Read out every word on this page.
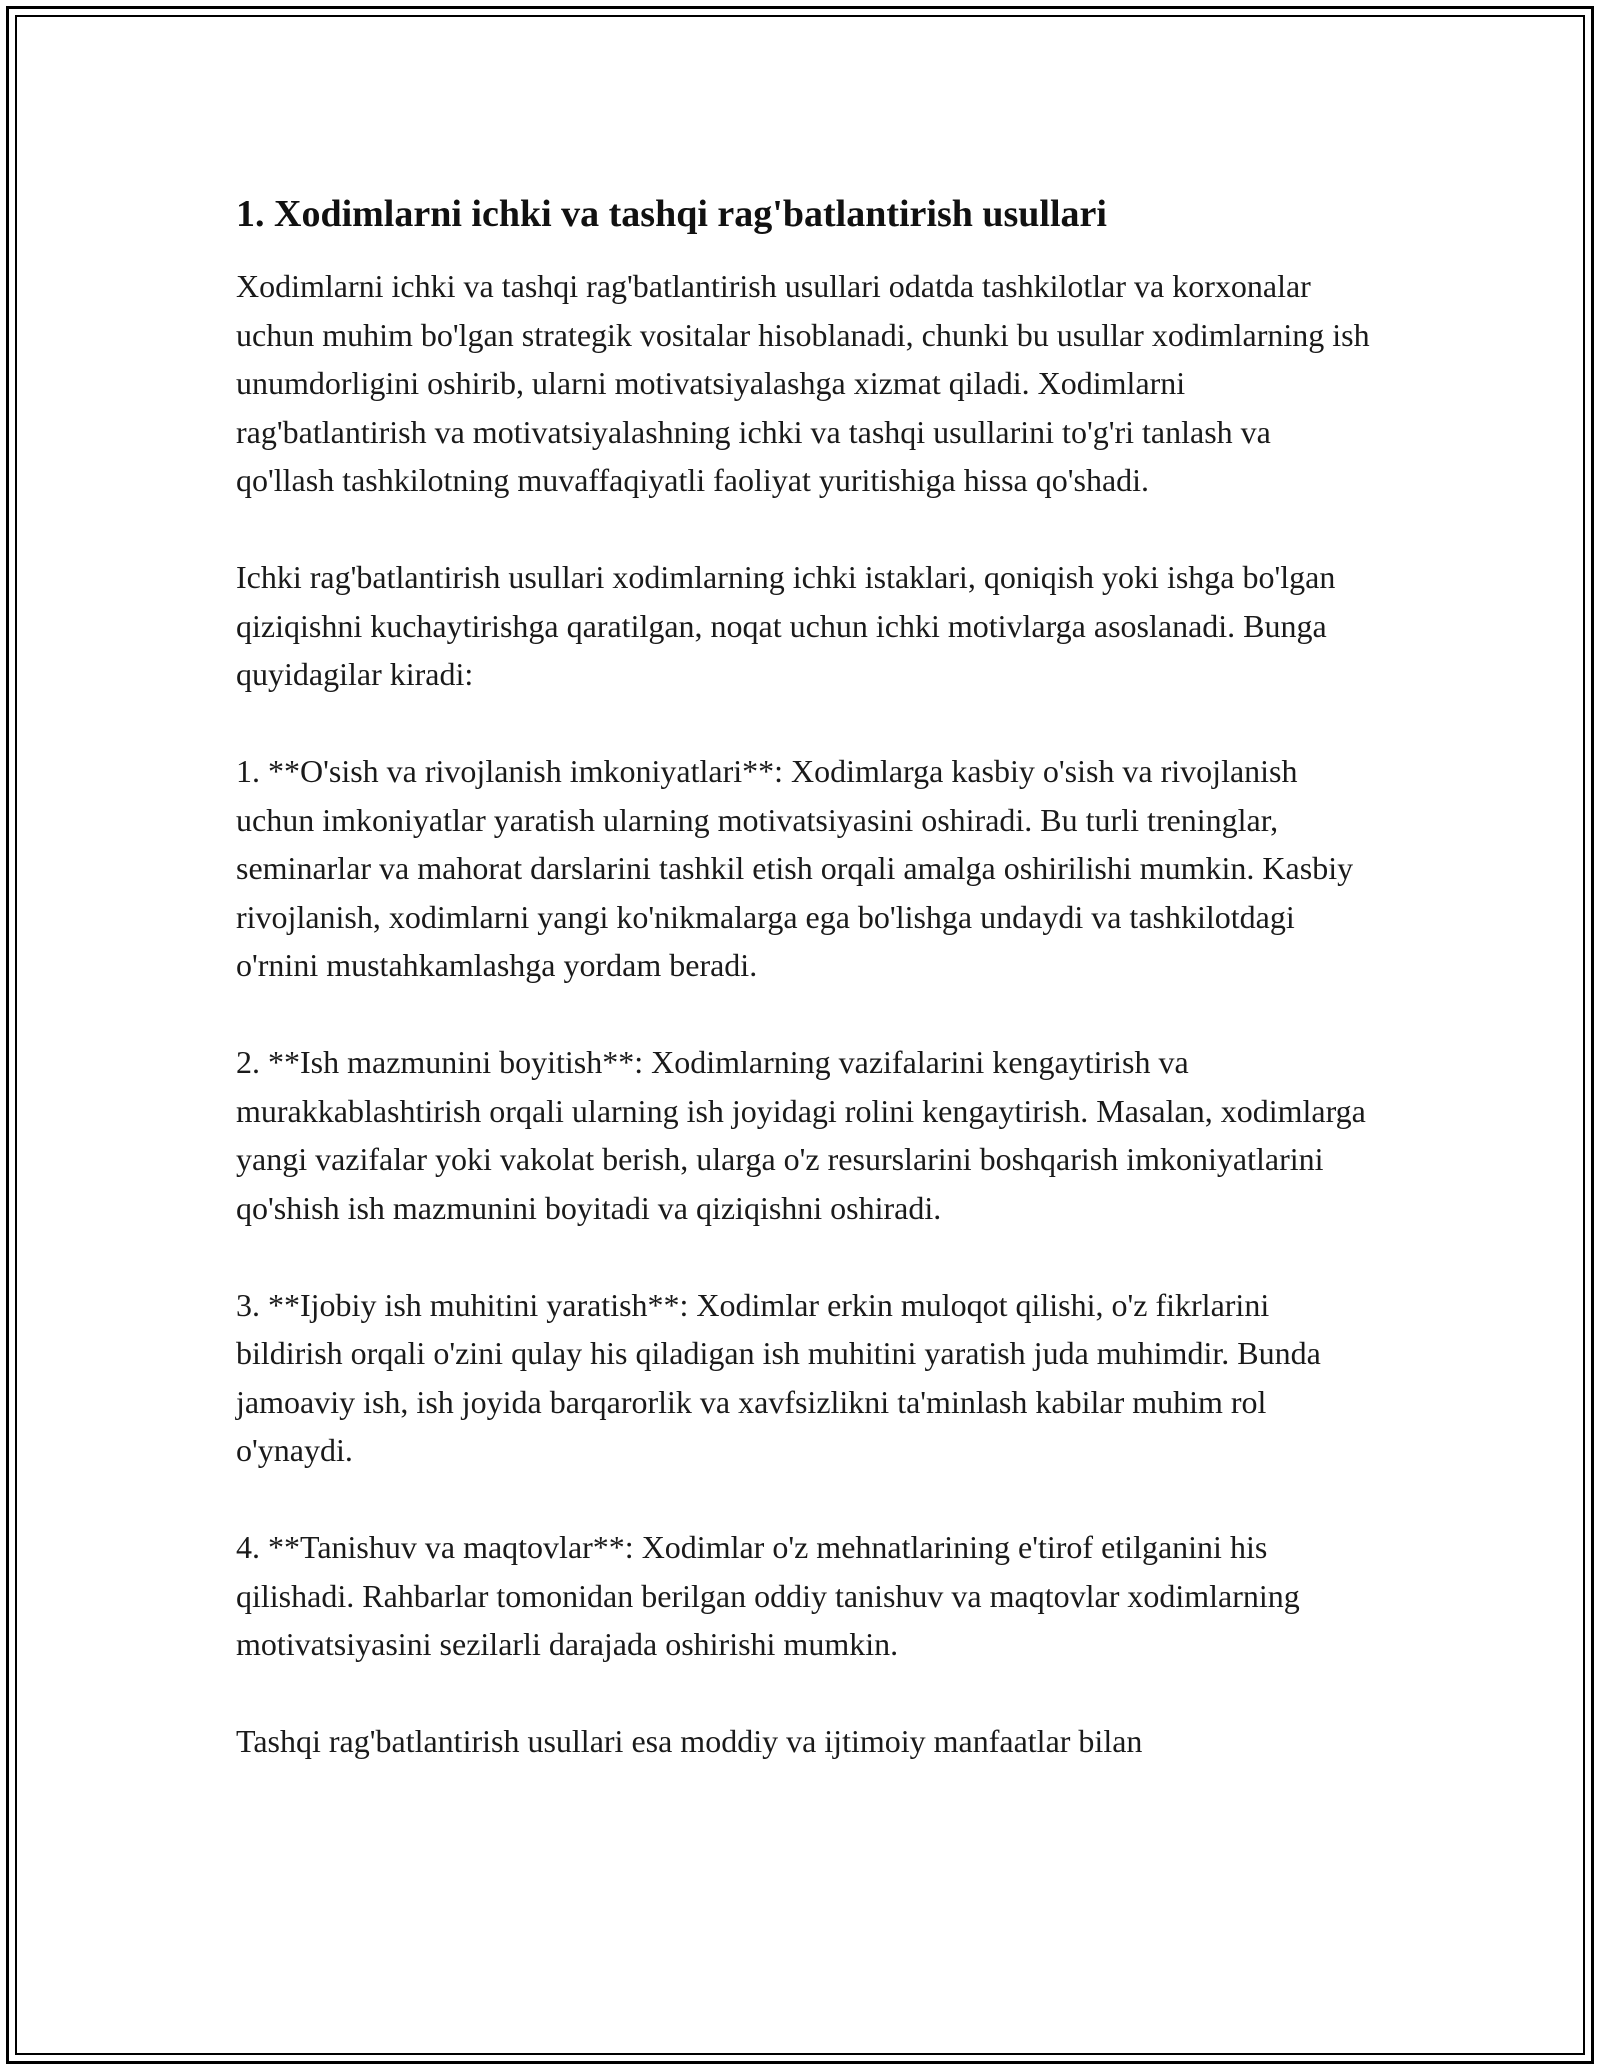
1. Xodimlarni ichki va tashqi rag'batlantirish usullari

Xodimlarni ichki va tashqi rag'batlantirish usullari odatda tashkilotlar va korxonalar uchun muhim bo'lgan strategik vositalar hisoblanadi, chunki bu usullar xodimlarning ish unumdorligini oshirib, ularni motivatsiyalashga xizmat qiladi. Xodimlarni rag'batlantirish va motivatsiyalashning ichki va tashqi usullarini to'g'ri tanlash va qo'llash tashkilotning muvaffaqiyatli faoliyat yuritishiga hissa qo'shadi.

Ichki rag'batlantirish usullari xodimlarning ichki istaklari, qoniqish yoki ishga bo'lgan qiziqishni kuchaytirishga qaratilgan, noqat uchun ichki motivlarga asoslanadi. Bunga quyidagilar kiradi:

1. **O'sish va rivojlanish imkoniyatlari**: Xodimlarga kasbiy o'sish va rivojlanish uchun imkoniyatlar yaratish ularning motivatsiyasini oshiradi. Bu turli treninglar, seminarlar va mahorat darslarini tashkil etish orqali amalga oshirilishi mumkin. Kasbiy rivojlanish, xodimlarni yangi ko'nikmalarga ega bo'lishga undaydi va tashkilotdagi o'rnini mustahkamlashga yordam beradi.

2. **Ish mazmunini boyitish**: Xodimlarning vazifalarini kengaytirish va murakkablashtirish orqali ularning ish joyidagi rolini kengaytirish. Masalan, xodimlarga yangi vazifalar yoki vakolat berish, ularga o'z resurslarini boshqarish imkoniyatlarini qo'shish ish mazmunini boyitadi va qiziqishni oshiradi.

3. **Ijobiy ish muhitini yaratish**: Xodimlar erkin muloqot qilishi, o'z fikrlarini bildirish orqali o'zini qulay his qiladigan ish muhitini yaratish juda muhimdir. Bunda jamoaviy ish, ish joyida barqarorlik va xavfsizlikni ta'minlash kabilar muhim rol o'ynaydi.

4. **Tanishuv va maqtovlar**: Xodimlar o'z mehnatlarining e'tirof etilganini his qilishadi. Rahbarlar tomonidan berilgan oddiy tanishuv va maqtovlar xodimlarning motivatsiyasini sezilarli darajada oshirishi mumkin.

Tashqi rag'batlantirish usullari esa moddiy va ijtimoiy manfaatlar bilan
